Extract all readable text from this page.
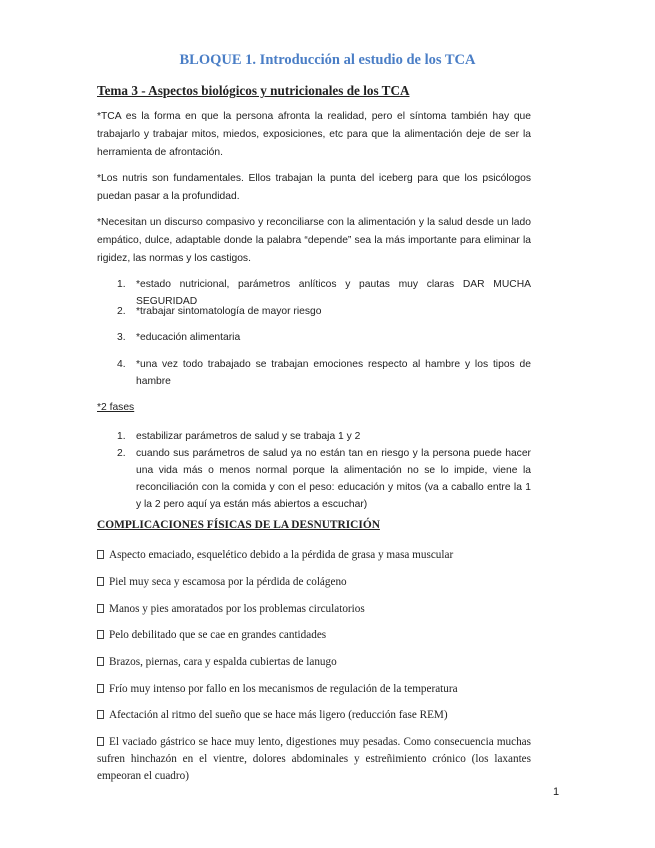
BLOQUE 1. Introducción al estudio de los TCA
Tema 3 - Aspectos biológicos y nutricionales de los TCA
*TCA es la forma en que la persona afronta la realidad, pero el síntoma también hay que trabajarlo y trabajar mitos, miedos, exposiciones, etc para que la alimentación deje de ser la herramienta de afrontación.
*Los nutris son fundamentales. Ellos trabajan la punta del iceberg para que los psicólogos puedan pasar a la profundidad.
*Necesitan un discurso compasivo y reconciliarse con la alimentación y la salud desde un lado empático, dulce, adaptable donde la palabra “depende” sea la más importante para eliminar la rigidez, las normas y los castigos.
1. *estado nutricional, parámetros anlíticos y pautas muy claras DAR MUCHA SEGURIDAD
2. *trabajar sintomatología de mayor riesgo
3. *educación alimentaria
4. *una vez todo trabajado se trabajan emociones respecto al hambre y los tipos de hambre
*2 fases
1. estabilizar parámetros de salud y se trabaja 1 y 2
2. cuando sus parámetros de salud ya no están tan en riesgo y la persona puede hacer una vida más o menos normal porque la alimentación no se lo impide, viene la reconciliación con la comida y con el peso: educación y mitos (va a caballo entre la 1 y la 2 pero aquí ya están más abiertos a escuchar)
COMPLICACIONES FÍSICAS DE LA DESNUTRICIÓN
Aspecto emaciado, esquelético debido a la pérdida de grasa y masa muscular
Piel muy seca y escamosa por la pérdida de colágeno
Manos y pies amoratados por los problemas circulatorios
Pelo debilitado que se cae en grandes cantidades
Brazos, piernas, cara y espalda cubiertas de lanugo
Frío muy intenso por fallo en los mecanismos de regulación de la temperatura
Afectación al ritmo del sueño que se hace más ligero (reducción fase REM)
El vaciado gástrico se hace muy lento, digestiones muy pesadas. Como consecuencia muchas sufren hinchazón en el vientre, dolores abdominales y estreñimiento crónico (los laxantes empeoran el cuadro)
1
